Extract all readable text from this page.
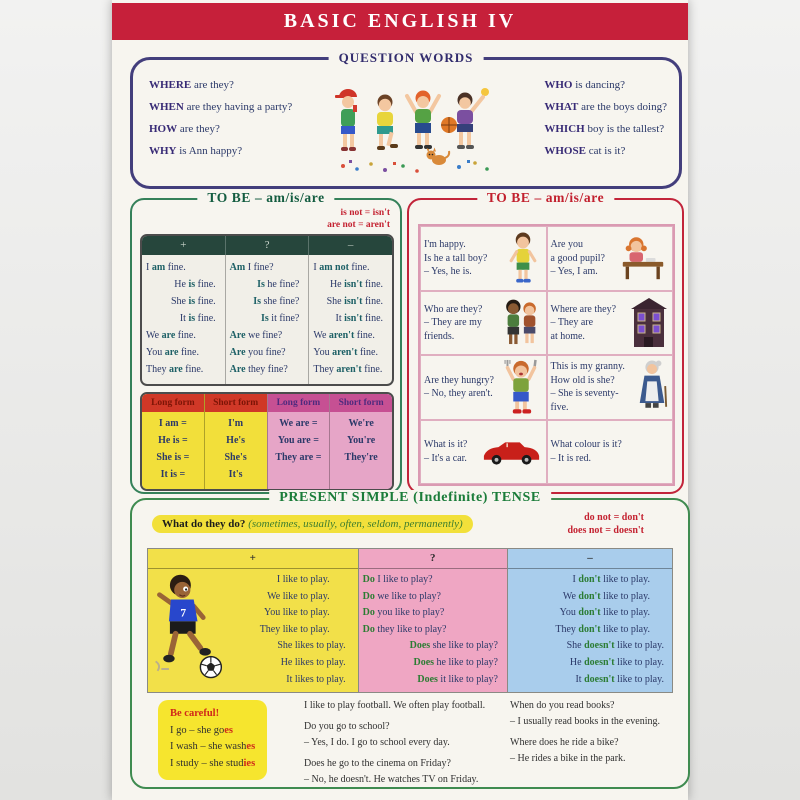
BASIC ENGLISH IV
QUESTION WORDS
WHERE are they?
WHEN are they having a party?
HOW are they?
WHY is Ann happy?
WHO is dancing?
WHAT are the boys doing?
WHICH boy is the tallest?
WHOSE cat is it?
TO BE – am/is/are
is not = isn't
are not = aren't
+	?	–
I am fine.
He is fine.
She is fine.
It is fine.
We are fine.
You are fine.
They are fine.
Am I fine?
Is he fine?
Is she fine?
Is it fine?
Are we fine?
Are you fine?
Are they fine?
I am not fine.
He isn't fine.
She isn't fine.
It isn't fine.
We aren't fine.
You aren't fine.
They aren't fine.
Long form
I am =
He is =
She is =
It is =
Short form
I'm
He's
She's
It's
Long form
We are =
You are =
They are =
Short form
We're
You're
They're
TO BE – am/is/are
I'm happy.
Is he a tall boy?
– Yes, he is.
Are you
a good pupil?
– Yes, I am.
Who are they?
– They are my
friends.
Where are they?
– They are
at home.
Are they hungry?
– No, they aren't.
This is my granny.
How old is she?
– She is seventy-five.
What is it?
– It's a car.
What colour is it?
– It is red.
PRESENT SIMPLE (Indefinite) TENSE
What do they do? (sometimes, usually, often, seldom, permanently)
do not = don't
does not = doesn't
+
7
I like to play.
We like to play.
You like to play.
They like to play.
She likes to play.
He likes to play.
It likes to play.
?
Do I like to play?
Do we like to play?
Do you like to play?
Do they like to play?
Does she like to play?
Does he like to play?
Does it like to play?
–
I don't like to play.
We don't like to play.
You don't like to play.
They don't like to play.
She doesn't like to play.
He doesn't like to play.
It doesn't like to play.
Be careful!
I go – she goes
I wash – she washes
I study – she studies
I like to play football. We often play football.
Do you go to school?
– Yes, I do. I go to school every day.
Does he go to the cinema on Friday?
– No, he doesn't. He watches TV on Friday.
When do you read books?
– I usually read books in the evening.
Where does he ride a bike?
– He rides a bike in the park.
